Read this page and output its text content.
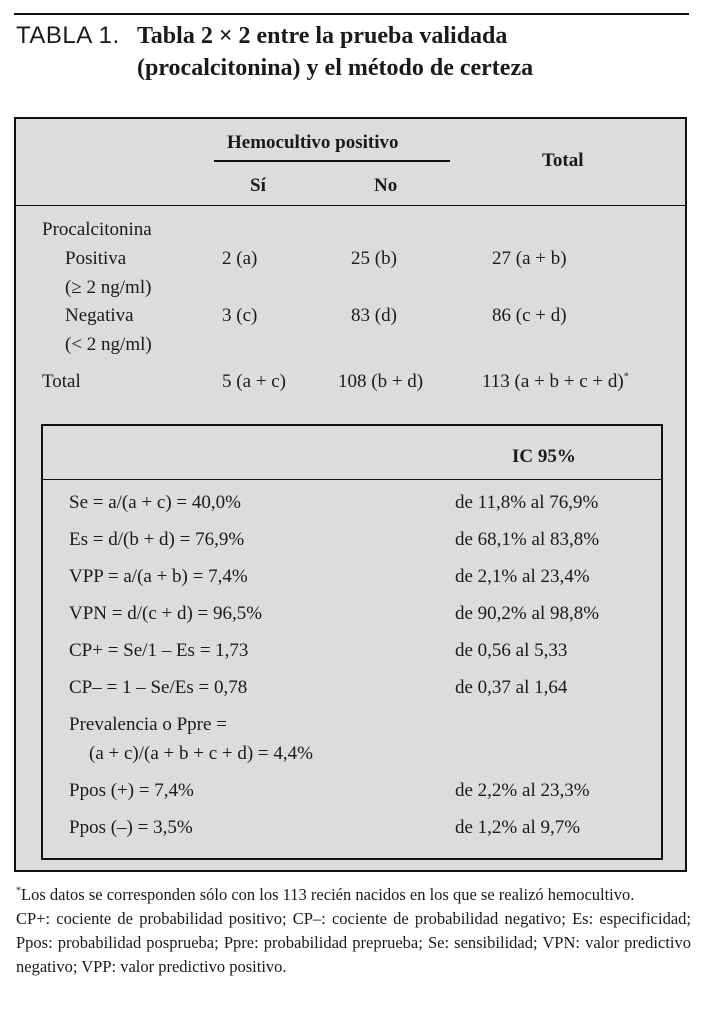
TABLA 1. Tabla 2 × 2 entre la prueba validada
(procalcitonina) y el método de certeza
Hemocultivo positivo
Total
Sí	No
Procalcitonina
Positiva
(≥ 2 ng/ml)
2 (a)	25 (b)	27 (a + b)
Negativa
(< 2 ng/ml)
3 (c)	83 (d)	86 (c + d)
Total	5 (a + c)	108 (b + d)	113 (a + b + c + d)*
IC 95%
Se = a/(a + c) = 40,0%	de 11,8% al 76,9%
Es = d/(b + d) = 76,9%	de 68,1% al 83,8%
VPP = a/(a + b) = 7,4%	de 2,1% al 23,4%
VPN = d/(c + d) = 96,5%	de 90,2% al 98,8%
CP+ = Se/1 – Es = 1,73	de 0,56 al 5,33
CP– = 1 – Se/Es = 0,78	de 0,37 al 1,64
Prevalencia o Ppre =
(a + c)/(a + b + c + d) = 4,4%
Ppos (+) = 7,4%	de 2,2% al 23,3%
Ppos (–) = 3,5%	de 1,2% al 9,7%

*Los datos se corresponden sólo con los 113 recién nacidos en los que se realizó hemocultivo.

CP+: cociente de probabilidad positivo; CP–: cociente de probabilidad negativo; Es: especificidad; Ppos: probabilidad posprueba; Ppre: probabilidad preprueba; Se: sensibilidad; VPN: valor predictivo negativo; VPP: valor predictivo positivo.
